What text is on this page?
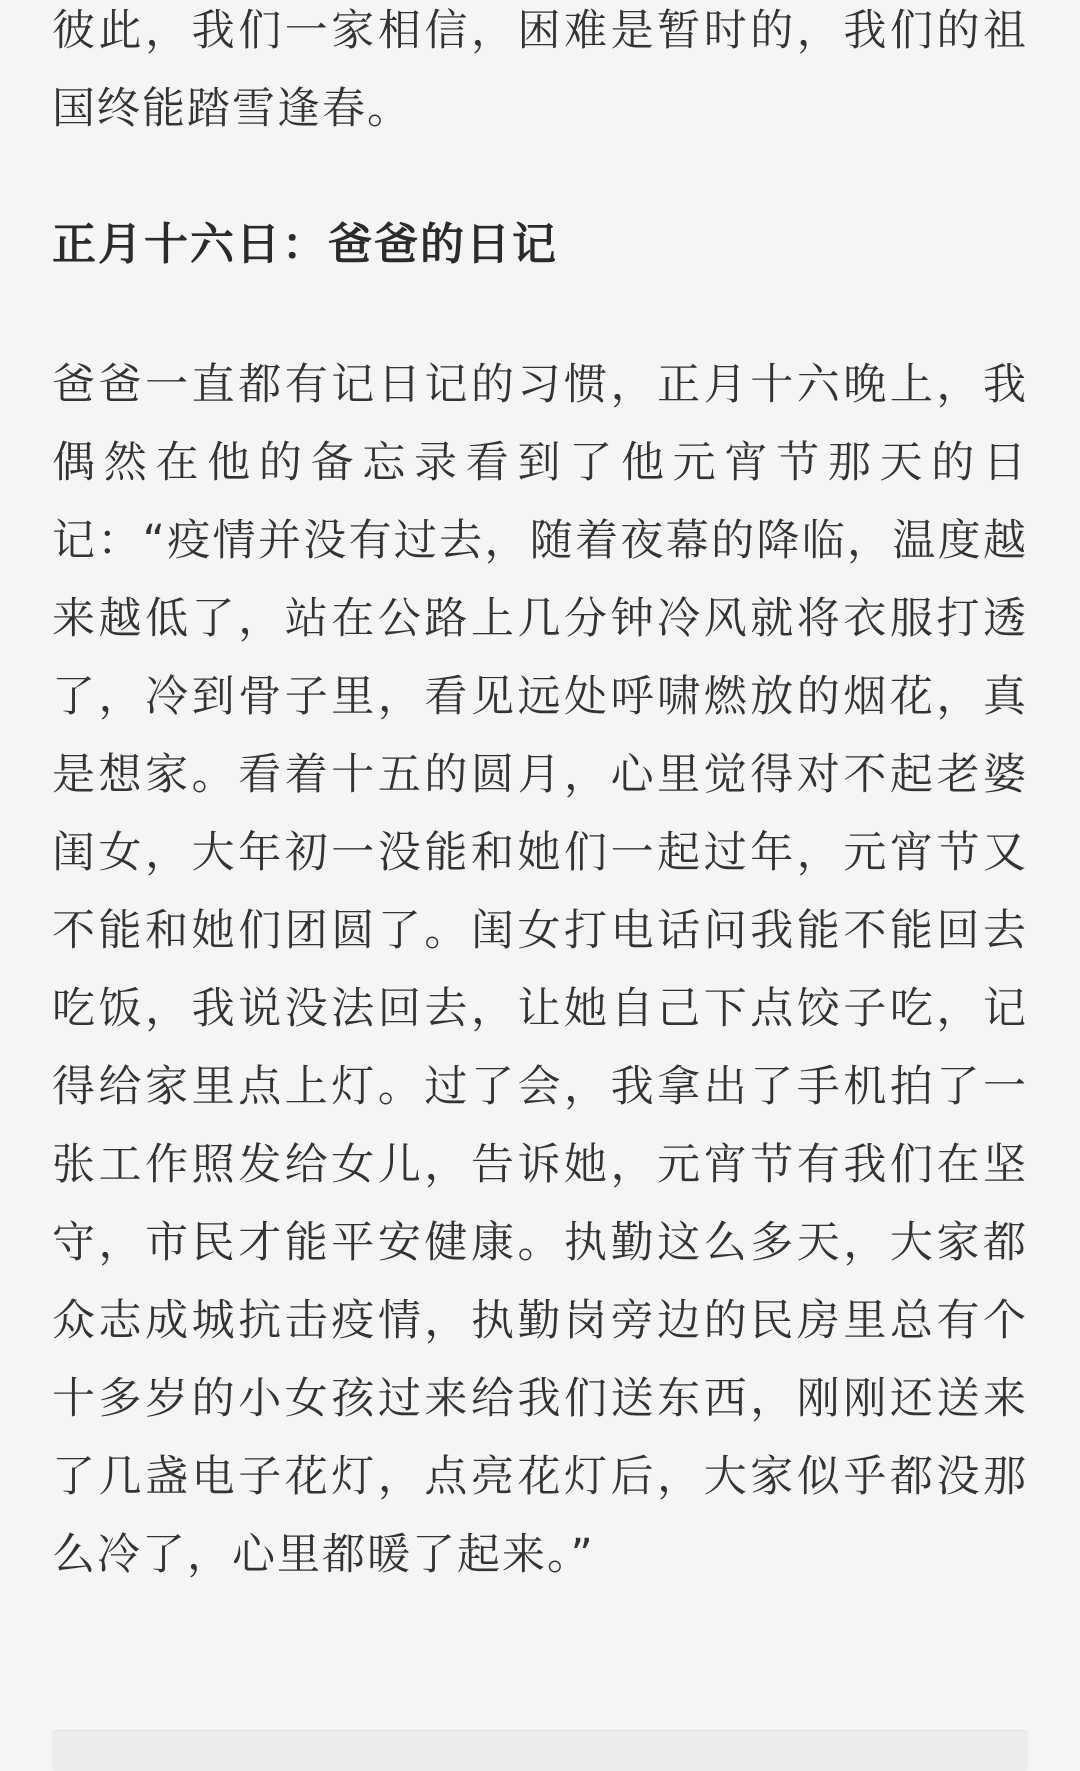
彼此，我们一家相信，困难是暂时的，我们的祖国终能踏雪逢春。

正月十六日：爸爸的日记

爸爸一直都有记日记的习惯，正月十六晚上，我偶然在他的备忘录看到了他元宵节那天的日记：“疫情并没有过去，随着夜幕的降临，温度越来越低了，站在公路上几分钟冷风就将衣服打透了，冷到骨子里，看见远处呼啸燃放的烟花，真是想家。看着十五的圆月，心里觉得对不起老婆闺女，大年初一没能和她们一起过年，元宵节又不能和她们团圆了。闺女打电话问我能不能回去吃饭，我说没法回去，让她自己下点饺子吃，记得给家里点上灯。过了会，我拿出了手机拍了一张工作照发给女儿，告诉她，元宵节有我们在坚守，市民才能平安健康。执勤这么多天，大家都众志成城抗击疫情，执勤岗旁边的民房里总有个十多岁的小女孩过来给我们送东西，刚刚还送来了几盏电子花灯，点亮花灯后，大家似乎都没那么冷了，心里都暖了起来。”
